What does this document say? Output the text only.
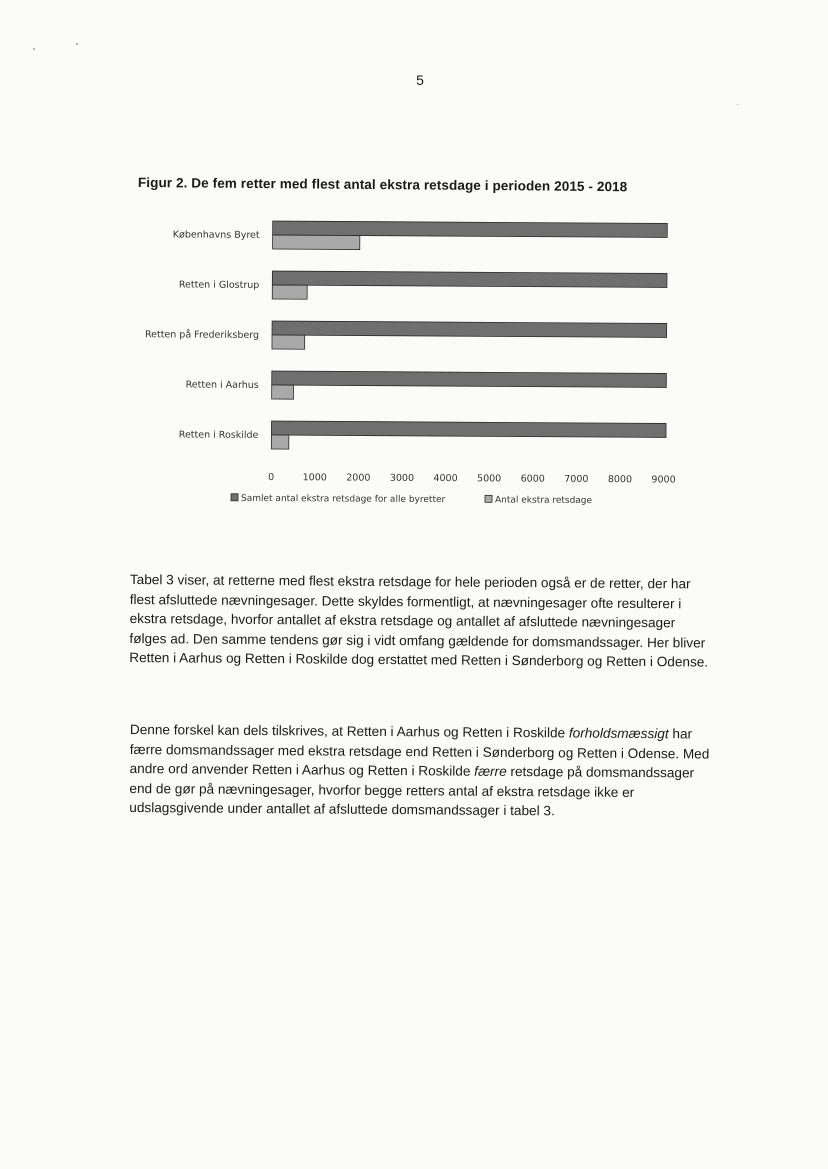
5
Figur 2. De fem retter med flest antal ekstra retsdage i perioden 2015 - 2018
Københavns Byret
Retten i Glostrup
Retten på Frederiksberg
Retten i Aarhus
Retten i Roskilde
0	1000 2000 3000 4000 5000 6000 7000 8000 9000
Samlet antal ekstra retsdage for alle byretter	Antal ekstra retsdage

Tabel 3 viser, at retterne med flest ekstra retsdage for hele perioden også er de retter, der har flest afsluttede nævningesager. Dette skyldes formentligt, at nævningesager ofte resulterer i ekstra retsdage, hvorfor antallet af ekstra retsdage og antallet af afsluttede nævningesager følges ad. Den samme tendens gør sig i vidt omfang gældende for domsmandssager. Her bliver Retten i Aarhus og Retten i Roskilde dog erstattet med Retten i Sønderborg og Retten i Odense.

Denne forskel kan dels tilskrives, at Retten i Aarhus og Retten i Roskilde forholdsmæssigt har færre domsmandssager med ekstra retsdage end Retten i Sønderborg og Retten i Odense. Med andre ord anvender Retten i Aarhus og Retten i Roskilde færre retsdage på domsmandssager end de gør på nævningesager, hvorfor begge retters antal af ekstra retsdage ikke er udslagsgivende under antallet af afsluttede domsmandssager i tabel 3.
